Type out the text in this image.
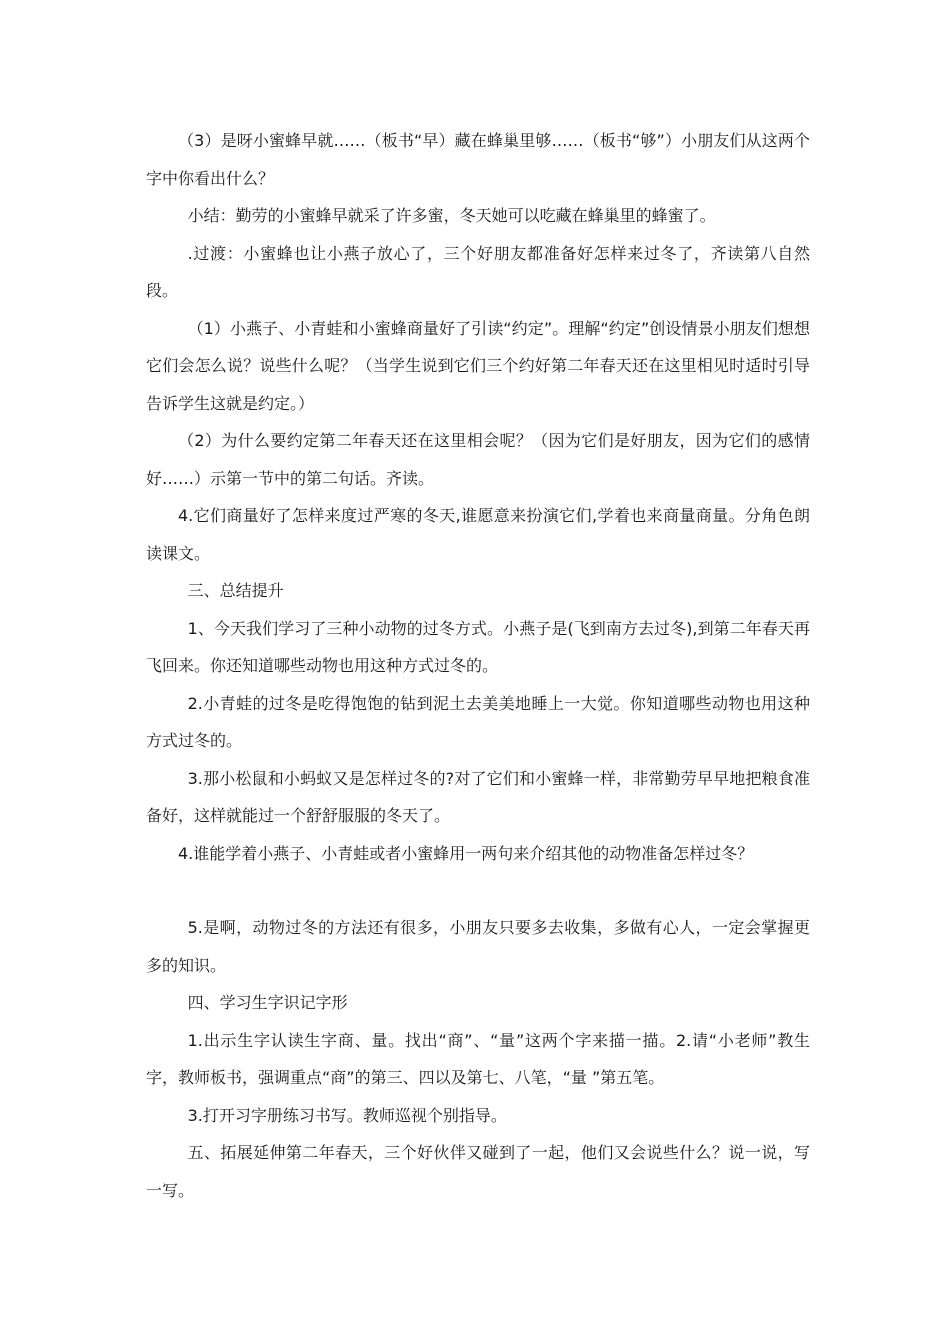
（3）是呀小蜜蜂早就……（板书“早）藏在蜂巢里够……（板书“够”）小朋友们从这两个字中你看出什么？

小结：勤劳的小蜜蜂早就采了许多蜜，冬天她可以吃藏在蜂巢里的蜂蜜了。

.过渡：小蜜蜂也让小燕子放心了，三个好朋友都准备好怎样来过冬了，齐读第八自然段。

（1）小燕子、小青蛙和小蜜蜂商量好了引读“约定”。理解“约定”创设情景小朋友们想想它们会怎么说？说些什么呢？（当学生说到它们三个约好第二年春天还在这里相见时适时引导告诉学生这就是约定。）

（2）为什么要约定第二年春天还在这里相会呢？（因为它们是好朋友，因为它们的感情好……）示第一节中的第二句话。齐读。

4.它们商量好了怎样来度过严寒的冬天,谁愿意来扮演它们,学着也来商量商量。分角色朗读课文。

三、总结提升

1、今天我们学习了三种小动物的过冬方式。小燕子是(飞到南方去过冬),到第二年春天再飞回来。你还知道哪些动物也用这种方式过冬的。

2.小青蛙的过冬是吃得饱饱的钻到泥土去美美地睡上一大觉。你知道哪些动物也用这种方式过冬的。

3.那小松鼠和小蚂蚁又是怎样过冬的?对了它们和小蜜蜂一样，非常勤劳早早地把粮食准备好，这样就能过一个舒舒服服的冬天了。

4.谁能学着小燕子、小青蛙或者小蜜蜂用一两句来介绍其他的动物准备怎样过冬？

5.是啊，动物过冬的方法还有很多，小朋友只要多去收集，多做有心人，一定会掌握更多的知识。

四、学习生字识记字形

1.出示生字认读生字商、量。找出“商”、“量”这两个字来描一描。2.请“小老师”教生字，教师板书，强调重点“商”的第三、四以及第七、八笔，“量 ”第五笔。

3.打开习字册练习书写。教师巡视个别指导。

五、拓展延伸第二年春天，三个好伙伴又碰到了一起，他们又会说些什么？说一说，写一写。
